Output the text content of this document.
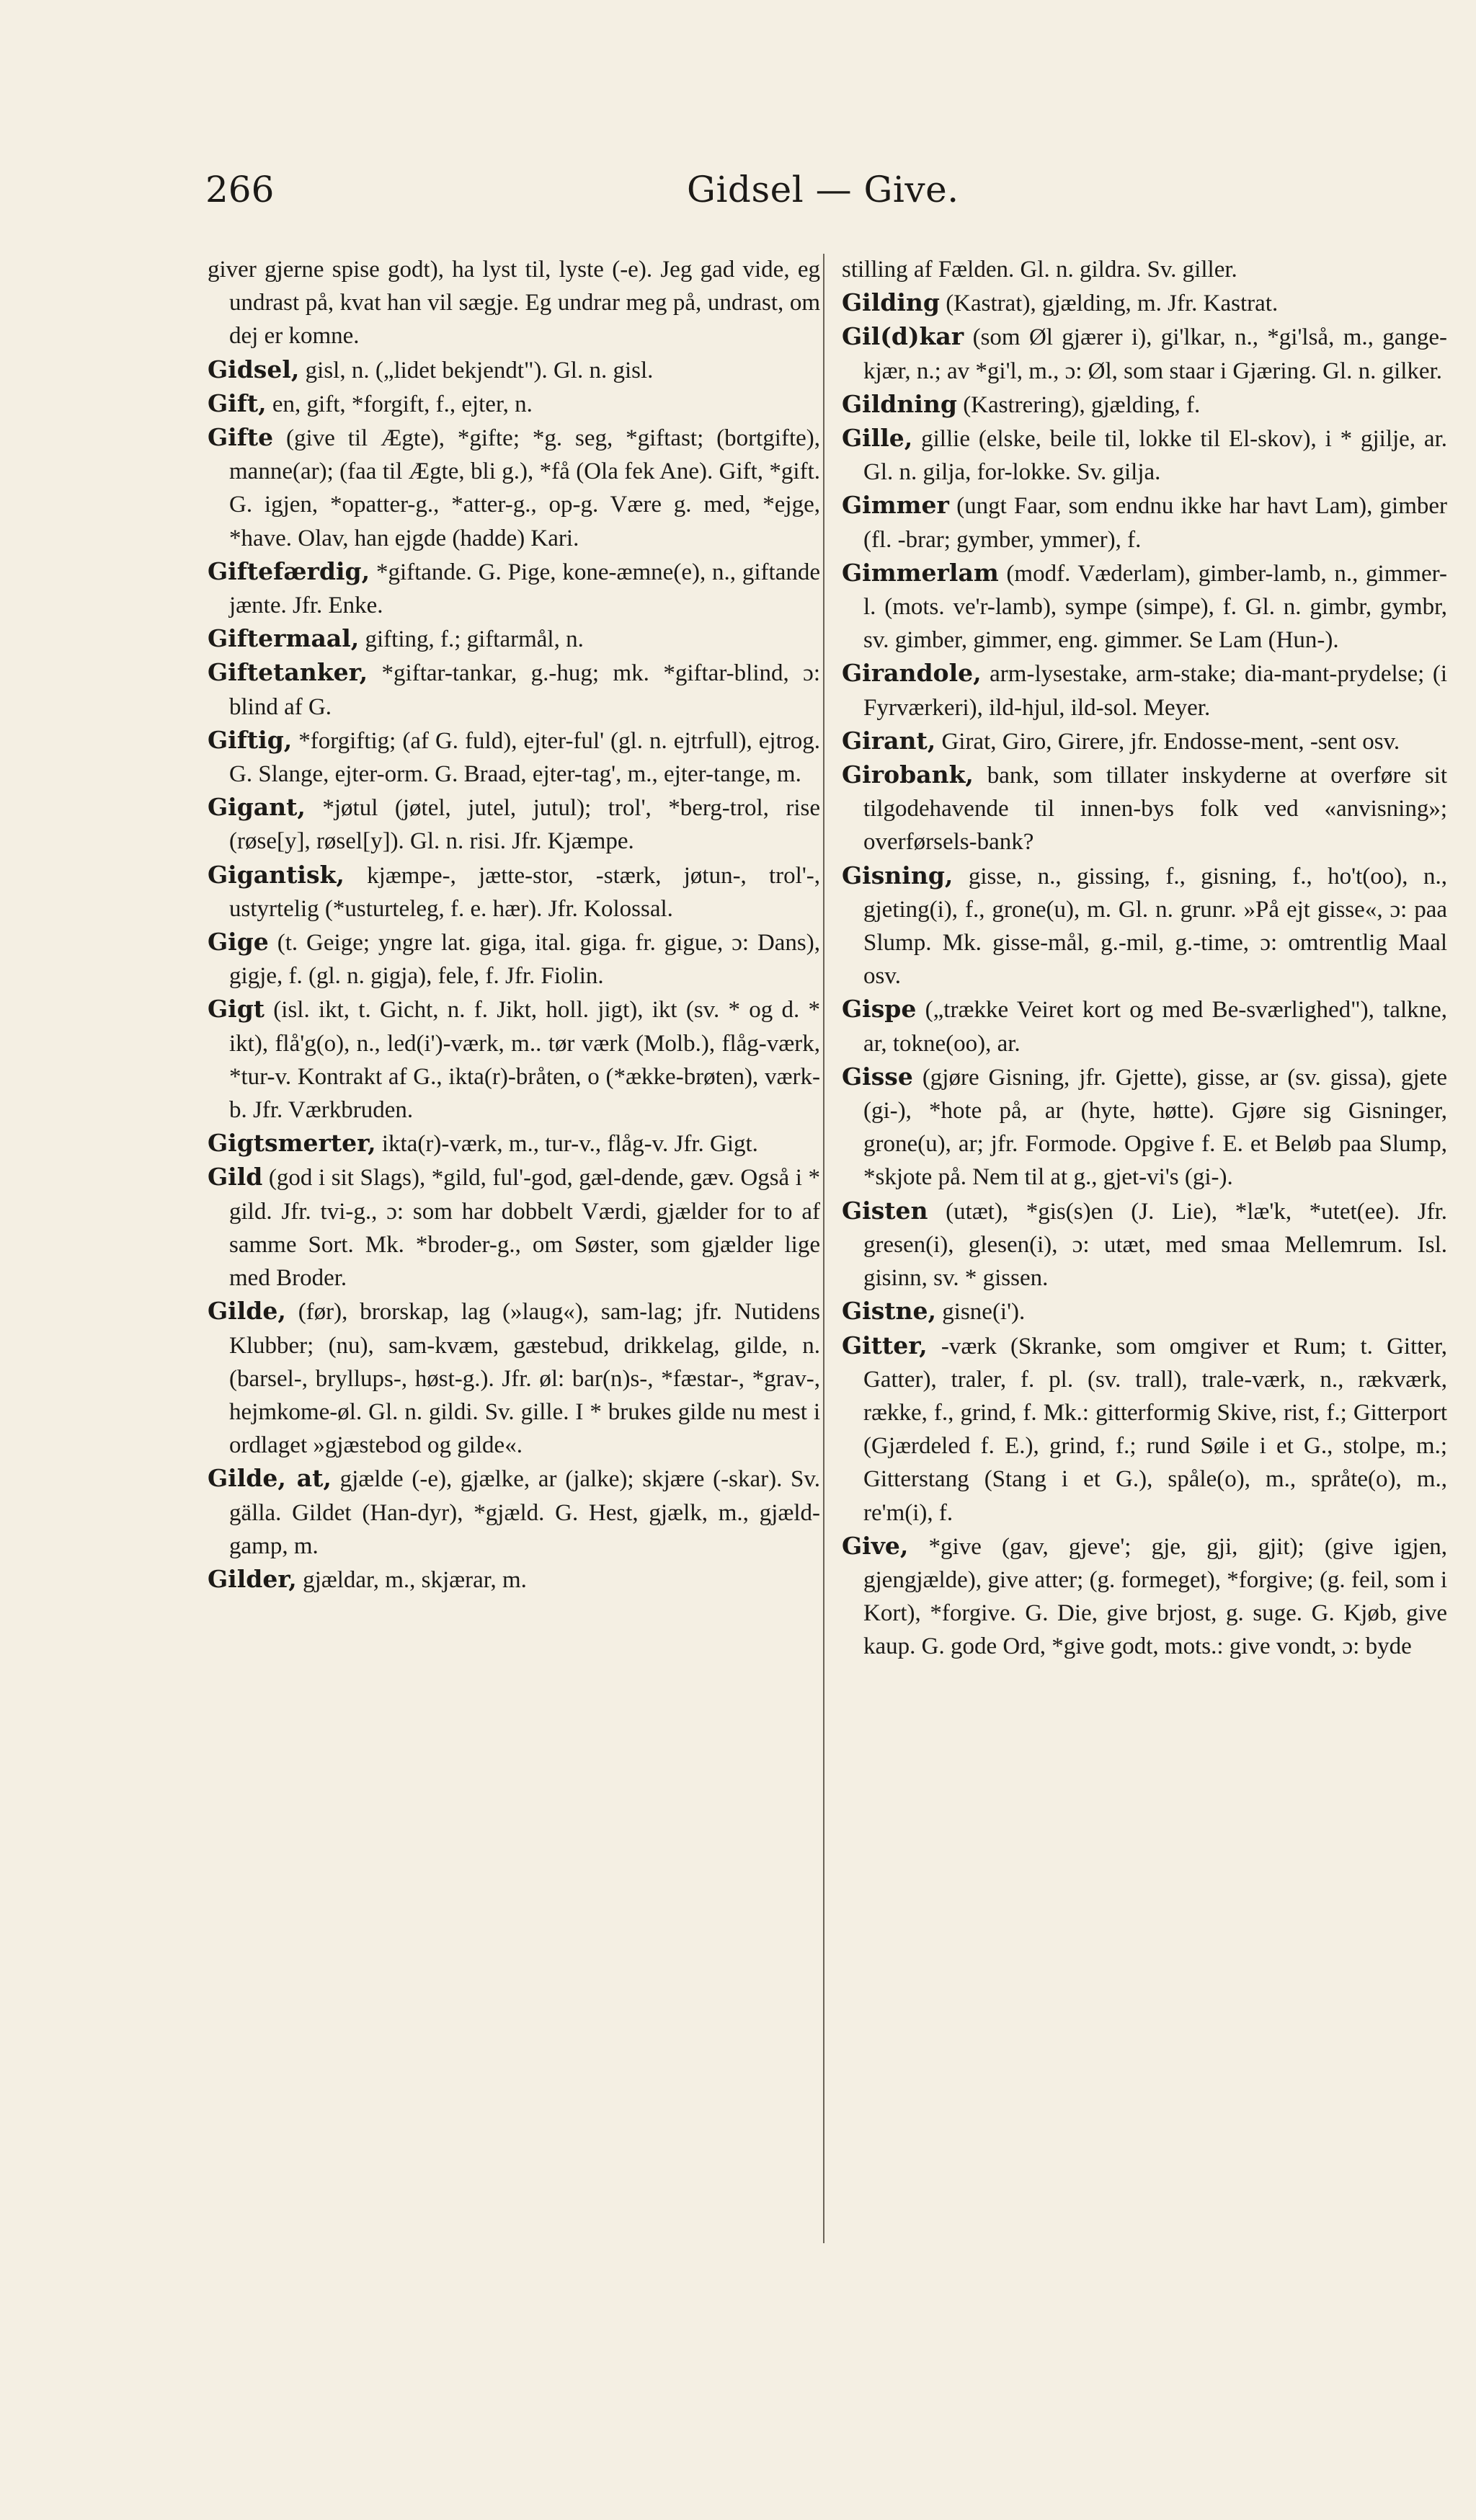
266	Gidsel — Give.

giver gjerne spise godt), ha lyst til, lyste (-e). Jeg gad vide, eg undrast på, kvat han vil sægje. Eg undrar meg på, undrast, om dej er komne.

Gidsel, gisl, n. („lidet bekjendt"). Gl. n. gisl.

Gift, en, gift, *forgift, f., ejter, n.

Gifte (give til Ægte), *gifte; *g. seg, *giftast; (bortgifte), manne(ar); (faa til Ægte, bli g.), *få (Ola fek Ane). Gift, *gift. G. igjen, *opatter-g., *atter-g., op-g. Være g. med, *ejge, *have. Olav, han ejgde (hadde) Kari.

Giftefærdig, *giftande. G. Pige, kone-æmne(e), n., giftande jænte. Jfr. Enke.

Giftermaal, gifting, f.; giftarmål, n.

Giftetanker, *giftar-tankar, g.-hug; mk. *giftar-blind, ɔ: blind af G.

Giftig, *forgiftig; (af G. fuld), ejter-ful' (gl. n. ejtrfull), ejtrog. G. Slange, ejter-orm. G. Braad, ejter-tag', m., ejter-tange, m.

Gigant, *jøtul (jøtel, jutel, jutul); trol', *berg-trol, rise (røse[y], røsel[y]). Gl. n. risi. Jfr. Kjæmpe.

Gigantisk, kjæmpe-, jætte-stor, -stærk, jøtun-, trol'-, ustyrtelig (*usturteleg, f. e. hær). Jfr. Kolossal.

Gige (t. Geige; yngre lat. giga, ital. giga. fr. gigue, ɔ: Dans), gigje, f. (gl. n. gigja), fele, f. Jfr. Fiolin.

Gigt (isl. ikt, t. Gicht, n. f. Jikt, holl. jigt), ikt (sv. * og d. * ikt), flå'g(o), n., led(i')-værk, m.. tør værk (Molb.), flåg-værk, *tur-v. Kontrakt af G., ikta(r)-bråten, o (*ække-brøten), værk-b. Jfr. Værkbruden.

Gigtsmerter, ikta(r)-værk, m., tur-v., flåg-v. Jfr. Gigt.

Gild (god i sit Slags), *gild, ful'-god, gæl-dende, gæv. Også i * gild. Jfr. tvi-g., ɔ: som har dobbelt Værdi, gjælder for to af samme Sort. Mk. *broder-g., om Søster, som gjælder lige med Broder.

Gilde, (før), brorskap, lag (»laug«), sam-lag; jfr. Nutidens Klubber; (nu), sam-kvæm, gæstebud, drikkelag, gilde, n. (barsel-, bryllups-, høst-g.). Jfr. øl: bar(n)s-, *fæstar-, *grav-, hejmkome-øl. Gl. n. gildi. Sv. gille. I * brukes gilde nu mest i ordlaget »gjæstebod og gilde«.

Gilde, at, gjælde (-e), gjælke, ar (jalke); skjære (-skar). Sv. gälla. Gildet (Han-dyr), *gjæld. G. Hest, gjælk, m., gjæld-gamp, m.

Gilder, gjældar, m., skjærar, m.

stilling af Fælden. Gl. n. gildra. Sv. giller.

Gilding (Kastrat), gjælding, m. Jfr. Kastrat.

Gil(d)kar (som Øl gjærer i), gi'lkar, n., *gi'lså, m., gange-kjær, n.; av *gi'l, m., ɔ: Øl, som staar i Gjæring. Gl. n. gilker.

Gildning (Kastrering), gjælding, f.

Gille, gillie (elske, beile til, lokke til El-skov), i * gjilje, ar. Gl. n. gilja, for-lokke. Sv. gilja.

Gimmer (ungt Faar, som endnu ikke har havt Lam), gimber (fl. -brar; gymber, ymmer), f.

Gimmerlam (modf. Væderlam), gimber-lamb, n., gimmer-l. (mots. ve'r-lamb), sympe (simpe), f. Gl. n. gimbr, gymbr, sv. gimber, gimmer, eng. gimmer. Se Lam (Hun-).

Girandole, arm-lysestake, arm-stake; dia-mant-prydelse; (i Fyrværkeri), ild-hjul, ild-sol. Meyer.

Girant, Girat, Giro, Girere, jfr. Endosse-ment, -sent osv.

Girobank, bank, som tillater inskyderne at overføre sit tilgodehavende til innen-bys folk ved «anvisning»; overførsels-bank?

Gisning, gisse, n., gissing, f., gisning, f., ho't(oo), n., gjeting(i), f., grone(u), m. Gl. n. grunr. »På ejt gisse«, ɔ: paa Slump. Mk. gisse-mål, g.-mil, g.-time, ɔ: omtrentlig Maal osv.

Gispe („trække Veiret kort og med Be-sværlighed"), talkne, ar, tokne(oo), ar.

Gisse (gjøre Gisning, jfr. Gjette), gisse, ar (sv. gissa), gjete (gi-), *hote på, ar (hyte, høtte). Gjøre sig Gisninger, grone(u), ar; jfr. Formode. Opgive f. E. et Beløb paa Slump, *skjote på. Nem til at g., gjet-vi's (gi-).

Gisten (utæt), *gis(s)en (J. Lie), *læ'k, *utet(ee). Jfr. gresen(i), glesen(i), ɔ: utæt, med smaa Mellemrum. Isl. gisinn, sv. * gissen.

Gistne, gisne(i').

Gitter, -værk (Skranke, som omgiver et Rum; t. Gitter, Gatter), traler, f. pl. (sv. trall), trale-værk, n., rækværk, række, f., grind, f. Mk.: gitterformig Skive, rist, f.; Gitterport (Gjærdeled f. E.), grind, f.; rund Søile i et G., stolpe, m.; Gitterstang (Stang i et G.), spåle(o), m., språte(o), m., re'm(i), f.

Give, *give (gav, gjeve'; gje, gji, gjit); (give igjen, gjengjælde), give atter; (g. formeget), *forgive; (g. feil, som i Kort), *forgive. G. Die, give brjost, g. suge. G. Kjøb, give kaup. G. gode Ord, *give godt, mots.: give vondt, ɔ: byde
